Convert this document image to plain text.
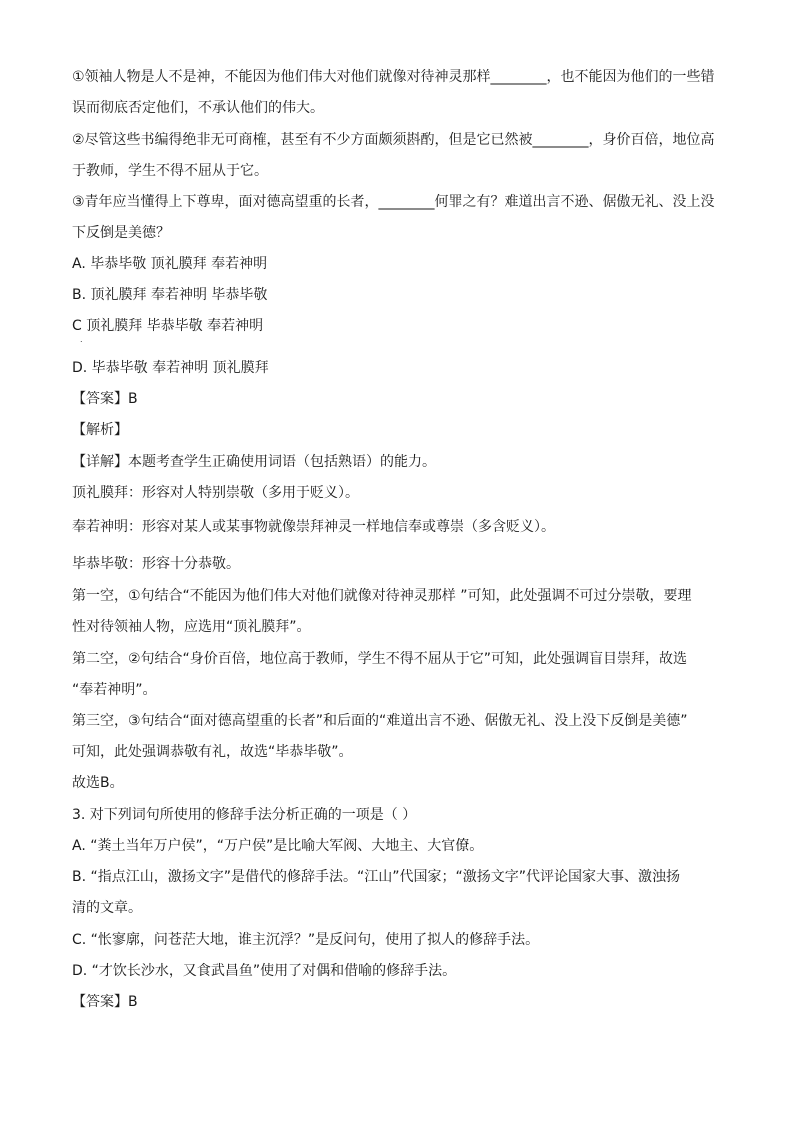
①领袖人物是人不是神，不能因为他们伟大对他们就像对待神灵那样________，也不能因为他们的一些错
误而彻底否定他们，不承认他们的伟大。
②尽管这些书编得绝非无可商榷，甚至有不少方面颇须斟酌，但是它已然被________，身价百倍，地位高
于教师，学生不得不屈从于它。
③青年应当懂得上下尊卑，面对德高望重的长者，________何罪之有？难道出言不逊、倨傲无礼、没上没
下反倒是美德？
A. 毕恭毕敬 顶礼膜拜 奉若神明
B. 顶礼膜拜 奉若神明 毕恭毕敬
C 顶礼膜拜 毕恭毕敬 奉若神明
.
D. 毕恭毕敬 奉若神明 顶礼膜拜
【答案】B
【解析】
【详解】本题考查学生正确使用词语（包括熟语）的能力。
顶礼膜拜：形容对人特别崇敬（多用于贬义）。
奉若神明：形容对某人或某事物就像崇拜神灵一样地信奉或尊崇（多含贬义）。
毕恭毕敬：形容十分恭敬。
第一空，①句结合“不能因为他们伟大对他们就像对待神灵那样 ”可知，此处强调不可过分崇敬，要理
性对待领袖人物，应选用“顶礼膜拜”。
第二空，②句结合“身价百倍，地位高于教师，学生不得不屈从于它”可知，此处强调盲目崇拜，故选
“奉若神明”。
第三空，③句结合“面对德高望重的长者”和后面的“难道出言不逊、倨傲无礼、没上没下反倒是美德”
可知，此处强调恭敬有礼，故选“毕恭毕敬”。
故选B。
3. 对下列词句所使用的修辞手法分析正确的一项是（ ）
A. “粪土当年万户侯”，“万户侯”是比喻大军阀、大地主、大官僚。
B. “指点江山，激扬文字”是借代的修辞手法。“江山”代国家；“激扬文字”代评论国家大事、激浊扬
清的文章。
C. “怅寥廓，问苍茫大地，谁主沉浮？”是反问句，使用了拟人的修辞手法。
D. “才饮长沙水，又食武昌鱼”使用了对偶和借喻的修辞手法。
【答案】B
